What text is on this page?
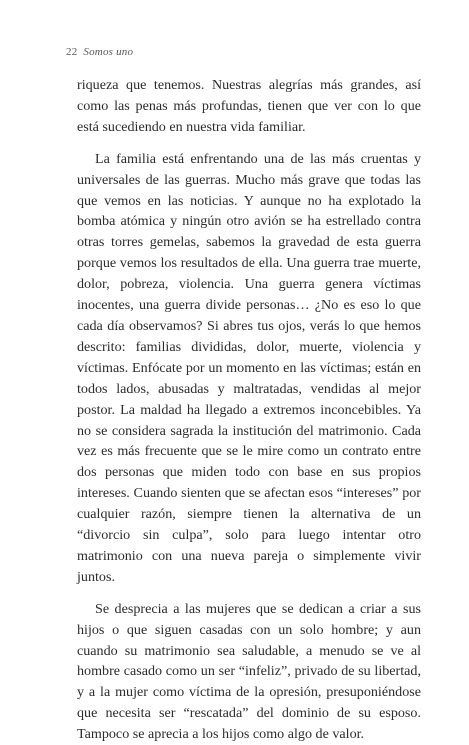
22 Somos uno

riqueza que tenemos. Nuestras alegrías más grandes, así como las penas más profundas, tienen que ver con lo que está sucediendo en nuestra vida familiar.

La familia está enfrentando una de las más cruentas y universales de las guerras. Mucho más grave que todas las que vemos en las noticias. Y aunque no ha explotado la bomba atómica y ningún otro avión se ha estrellado contra otras torres gemelas, sabemos la gravedad de esta guerra porque vemos los resultados de ella. Una guerra trae muerte, dolor, pobreza, violencia. Una guerra genera víctimas inocentes, una guerra divide personas… ¿No es eso lo que cada día observamos? Si abres tus ojos, verás lo que hemos descrito: familias divididas, dolor, muerte, violencia y víctimas. Enfócate por un momento en las víctimas; están en todos lados, abusadas y maltratadas, vendidas al mejor postor. La maldad ha llegado a extremos inconcebibles. Ya no se considera sagrada la institución del matrimonio. Cada vez es más frecuente que se le mire como un contrato entre dos personas que miden todo con base en sus propios intereses. Cuando sienten que se afectan esos “intereses” por cualquier razón, siempre tienen la alternativa de un “divorcio sin culpa”, solo para luego intentar otro matrimonio con una nueva pareja o simplemente vivir juntos.

Se desprecia a las mujeres que se dedican a criar a sus hijos o que siguen casadas con un solo hombre; y aun cuando su matrimonio sea saludable, a menudo se ve al hombre casado como un ser “infeliz”, privado de su libertad, y a la mujer como víctima de la opresión, presuponiéndose que necesita ser “rescatada” del dominio de su esposo. Tampoco se aprecia a los hijos como algo de valor.
